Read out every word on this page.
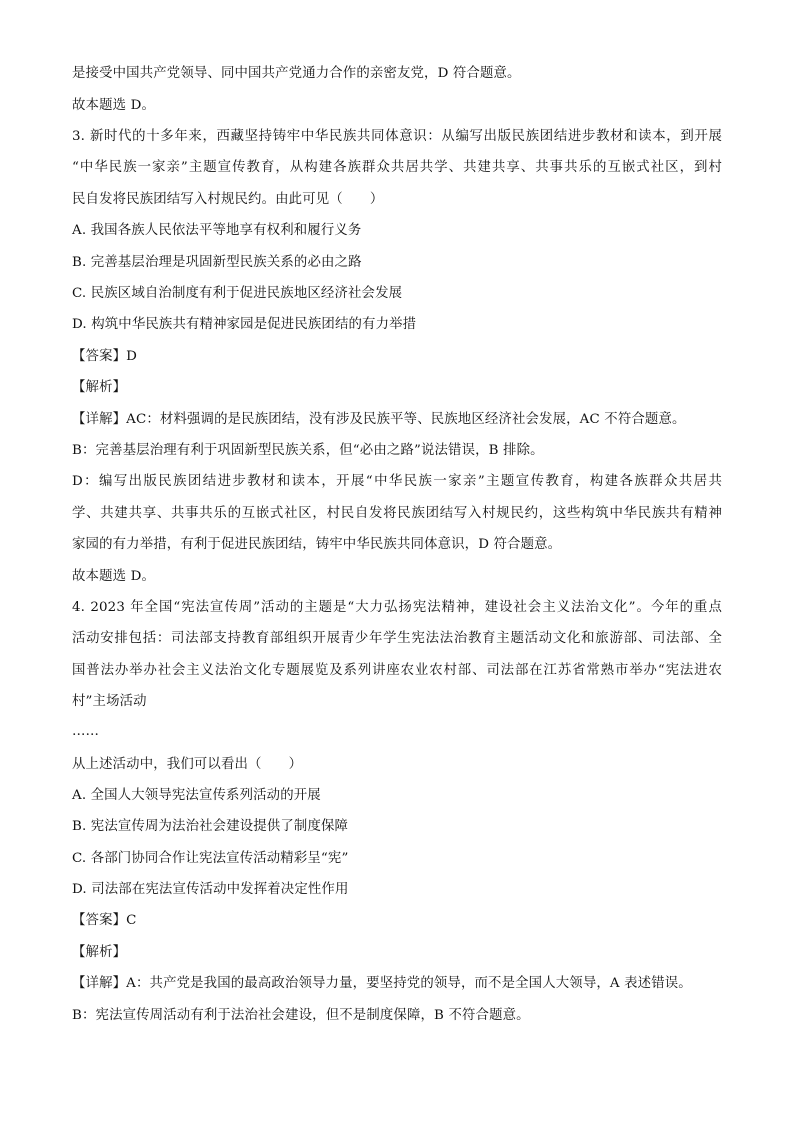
是接受中国共产党领导、同中国共产党通力合作的亲密友党，D 符合题意。
故本题选 D。
3. 新时代的十多年来，西藏坚持铸牢中华民族共同体意识：从编写出版民族团结进步教材和读本，到开展
“中华民族一家亲”主题宣传教育，从构建各族群众共居共学、共建共享、共事共乐的互嵌式社区，到村
民自发将民族团结写入村规民约。由此可见（　　）
A. 我国各族人民依法平等地享有权利和履行义务
B. 完善基层治理是巩固新型民族关系的必由之路
C. 民族区域自治制度有利于促进民族地区经济社会发展
D. 构筑中华民族共有精神家园是促进民族团结的有力举措
【答案】D
【解析】
【详解】AC：材料强调的是民族团结，没有涉及民族平等、民族地区经济社会发展，AC 不符合题意。
B：完善基层治理有利于巩固新型民族关系，但“必由之路”说法错误，B 排除。
D：编写出版民族团结进步教材和读本，开展“中华民族一家亲”主题宣传教育，构建各族群众共居共
学、共建共享、共事共乐的互嵌式社区，村民自发将民族团结写入村规民约，这些构筑中华民族共有精神
家园的有力举措，有利于促进民族团结，铸牢中华民族共同体意识，D 符合题意。
故本题选 D。
4. 2023 年全国“宪法宣传周”活动的主题是“大力弘扬宪法精神，建设社会主义法治文化”。今年的重点
活动安排包括：司法部支持教育部组织开展青少年学生宪法法治教育主题活动文化和旅游部、司法部、全
国普法办举办社会主义法治文化专题展览及系列讲座农业农村部、司法部在江苏省常熟市举办“宪法进农
村”主场活动
……
从上述活动中，我们可以看出（　　）
A. 全国人大领导宪法宣传系列活动的开展
B. 宪法宣传周为法治社会建设提供了制度保障
C. 各部门协同合作让宪法宣传活动精彩呈“宪”
D. 司法部在宪法宣传活动中发挥着决定性作用
【答案】C
【解析】
【详解】A：共产党是我国的最高政治领导力量，要坚持党的领导，而不是全国人大领导，A 表述错误。
B：宪法宣传周活动有利于法治社会建设，但不是制度保障，B 不符合题意。
